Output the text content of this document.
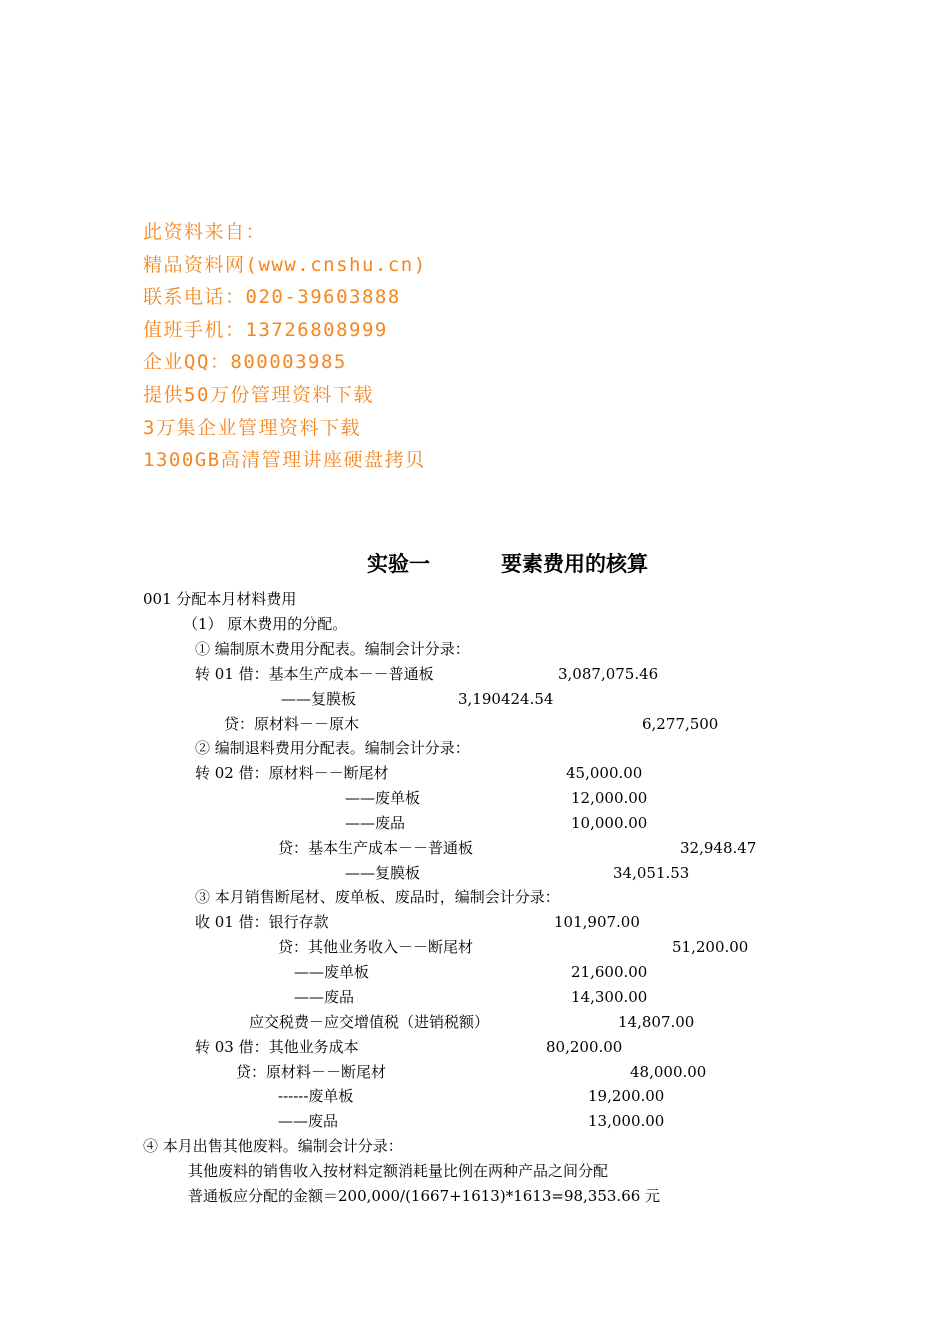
此资料来自：
精品资料网(www.cnshu.cn)
联系电话：020-39603888
值班手机：13726808999
企业QQ：800003985
提供50万份管理资料下载
3万集企业管理资料下载
1300GB高清管理讲座硬盘拷贝
实验一	要素费用的核算
001 分配本月材料费用
（1） 原木费用的分配。
① 编制原木费用分配表。编制会计分录：
转 01 借：基本生产成本－－普通板	3,087,075.46
——复膜板	3,190424.54
贷：原材料－－原木	6,277,500
② 编制退料费用分配表。编制会计分录：
转 02 借：原材料－－断尾材	45,000.00
——废单板	12,000.00
——废品	10,000.00
贷：基本生产成本－－普通板	32,948.47
——复膜板	34,051.53
③ 本月销售断尾材、废单板、废品时，编制会计分录：
收 01 借：银行存款	101,907.00
贷：其他业务收入－－断尾材	51,200.00
——废单板	21,600.00
——废品	14,300.00
应交税费－应交增值税（进销税额）	14,807.00
转 03 借：其他业务成本	80,200.00
贷：原材料－－断尾材	48,000.00
------废单板	19,200.00
——废品	13,000.00
④ 本月出售其他废料。编制会计分录：
其他废料的销售收入按材料定额消耗量比例在两种产品之间分配
普通板应分配的金额＝200,000/(1667+1613)*1613=98,353.66 元
